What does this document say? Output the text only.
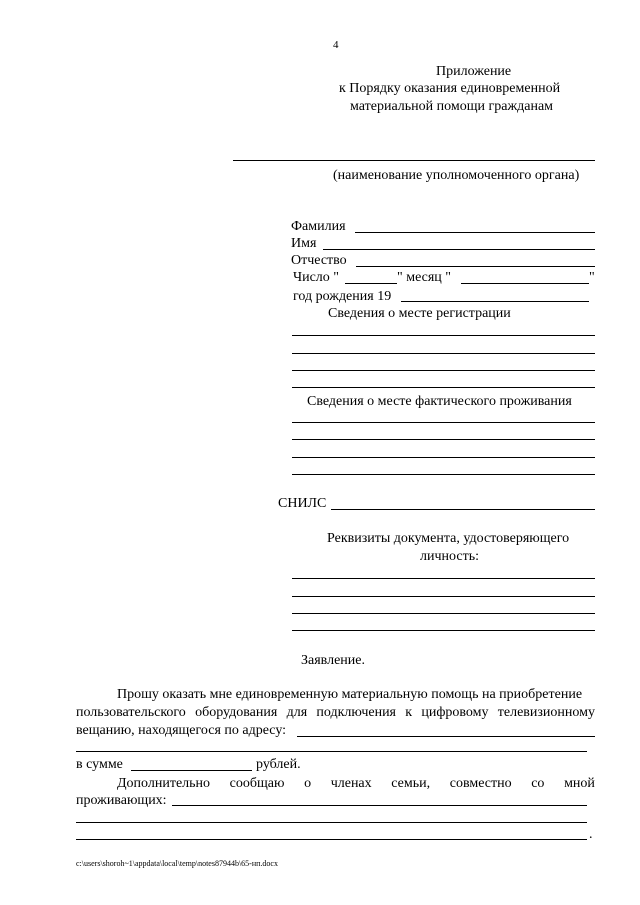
4
Приложение
к Порядку оказания единовременной
материальной помощи гражданам
(наименование уполномоченного органа)
Фамилия
Имя
Отчество
Число "	" месяц "	"
год рождения 19
Сведения о месте регистрации
Сведения о месте фактического проживания
СНИЛС
Реквизиты документа, удостоверяющего
личность:
Заявление.
Прошу оказать мне единовременную материальную помощь на приобретение
пользовательского оборудования для подключения к цифровому телевизионному
вещанию, находящегося по адресу:
в сумме	рублей.
Дополнительно сообщаю о членах семьи, совместно со мной
проживающих:
.
c:\users\shoroh~1\appdata\local\temp\notes87944b\65-нп.docx
